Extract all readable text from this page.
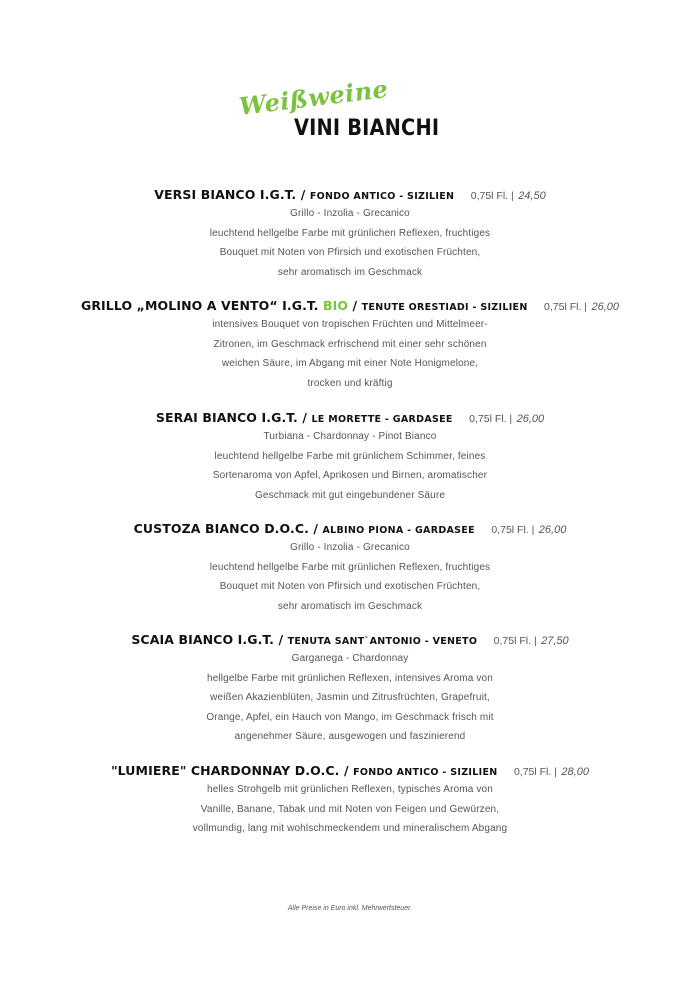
Weißweine
VINI BIANCHI
VERSI BIANCO I.G.T. / FONDO ANTICO - SIZILIEN 0,75l Fl. | 24,50
Grillo - Inzolia - Grecanico
leuchtend hellgelbe Farbe mit grünlichen Reflexen, fruchtiges
Bouquet mit Noten von Pfirsich und exotischen Früchten,
sehr aromatisch im Geschmack
GRILLO „MOLINO A VENTO“ I.G.T. BIO / TENUTE ORESTIADI - SIZILIEN 0,75l Fl. | 26,00
intensives Bouquet von tropischen Früchten und Mittelmeer-
Zitronen, im Geschmack erfrischend mit einer sehr schönen
weichen Säure, im Abgang mit einer Note Honigmelone,
trocken und kräftig
SERAI BIANCO I.G.T. / LE MORETTE - GARDASEE 0,75l Fl. | 26,00
Turbiana - Chardonnay - Pinot Bianco
leuchtend hellgelbe Farbe mit grünlichem Schimmer, feines
Sortenaroma von Apfel, Aprikosen und Birnen, aromatischer
Geschmack mit gut eingebundener Säure
CUSTOZA BIANCO D.O.C. / ALBINO PIONA - GARDASEE 0,75l Fl. | 26,00
Grillo - Inzolia - Grecanico
leuchtend hellgelbe Farbe mit grünlichen Reflexen, fruchtiges
Bouquet mit Noten von Pfirsich und exotischen Früchten,
sehr aromatisch im Geschmack
SCAIA BIANCO I.G.T. / TENUTA SANT`ANTONIO - VENETO 0,75l Fl. | 27,50
Garganega - Chardonnay
hellgelbe Farbe mit grünlichen Reflexen, intensives Aroma von
weißen Akazienblüten, Jasmin und Zitrusfrüchten, Grapefruit,
Orange, Apfel, ein Hauch von Mango, im Geschmack frisch mit
angenehmer Säure, ausgewogen und faszinierend
"LUMIERE" CHARDONNAY D.O.C. / FONDO ANTICO - SIZILIEN 0,75l Fl. | 28,00
helles Strohgelb mit grünlichen Reflexen, typisches Aroma von
Vanille, Banane, Tabak und mit Noten von Feigen und Gewürzen,
vollmundig, lang mit wohlschmeckendem und mineralischem Abgang
Alle Preise in Euro inkl. Mehrwertsteuer.
